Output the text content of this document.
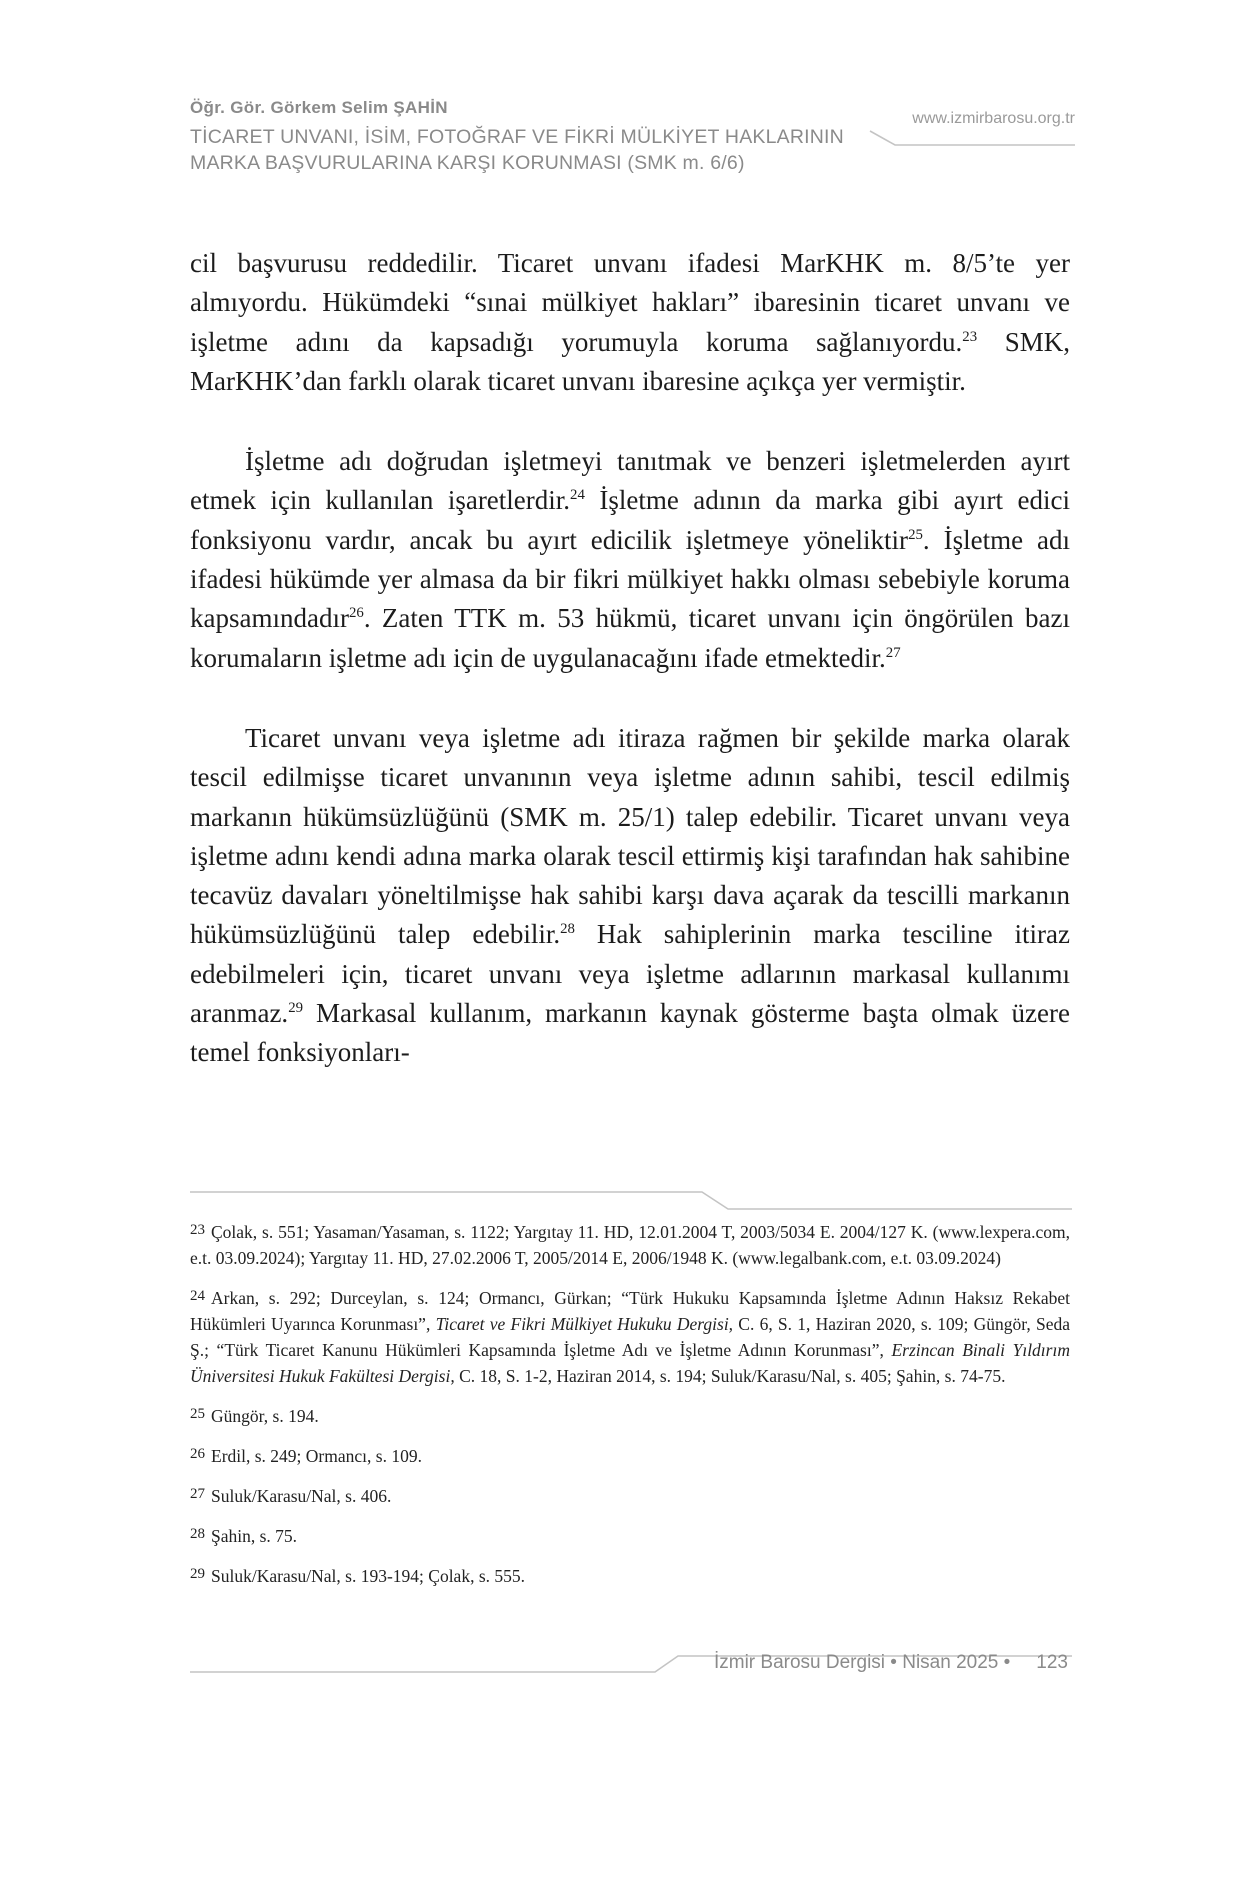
Öğr. Gör. Görkem Selim ŞAHİN
TİCARET UNVANI, İSİM, FOTOĞRAF VE FİKRİ MÜLKİYET HAKLARININ
MARKA BAŞVURULARINA KARŞI KORUNMASI (SMK m. 6/6)
www.izmirbarosu.org.tr

cil başvurusu reddedilir. Ticaret unvanı ifadesi MarKHK m. 8/5’te yer almıyordu. Hükümdeki “sınai mülkiyet hakları” ibaresinin ticaret unvanı ve işletme adını da kapsadığı yorumuyla koruma sağlanıyordu.$^{23}$ SMK, MarKHK’dan farklı olarak ticaret unvanı ibaresine açıkça yer vermiştir.

İşletme adı doğrudan işletmeyi tanıtmak ve benzeri işletmelerden ayırt etmek için kullanılan işaretlerdir.$^{24}$ İşletme adının da marka gibi ayırt edici fonksiyonu vardır, ancak bu ayırt edicilik işletmeye yöneliktir$^{25}$. İşletme adı ifadesi hükümde yer almasa da bir fikri mülkiyet hakkı olması sebebiyle koruma kapsamındadır$^{26}$. Zaten TTK m. 53 hükmü, ticaret unvanı için öngörülen bazı korumaların işletme adı için de uygulanacağını ifade etmektedir.$^{27}$

Ticaret unvanı veya işletme adı itiraza rağmen bir şekilde marka olarak tescil edilmişse ticaret unvanının veya işletme adının sahibi, tescil edilmiş markanın hükümsüzlüğünü (SMK m. 25/1) talep edebilir. Ticaret unvanı veya işletme adını kendi adına marka olarak tescil ettirmiş kişi tarafından hak sahibine tecavüz davaları yöneltilmişse hak sahibi karşı dava açarak da tescilli markanın hükümsüzlüğünü talep edebilir.$^{28}$ Hak sahiplerinin marka tesciline itiraz edebilmeleri için, ticaret unvanı veya işletme adlarının markasal kullanımı aranmaz.$^{29}$ Markasal kullanım, markanın kaynak gösterme başta olmak üzere temel fonksiyonları-

23 Çolak, s. 551; Yasaman/Yasaman, s. 1122; Yargıtay 11. HD, 12.01.2004 T, 2003/5034 E. 2004/127 K. (www.lexpera.com, e.t. 03.09.2024); Yargıtay 11. HD, 27.02.2006 T, 2005/2014 E, 2006/1948 K. (www.legalbank.com, e.t. 03.09.2024)
24 Arkan, s. 292; Durceylan, s. 124; Ormancı, Gürkan; “Türk Hukuku Kapsamında İşletme Adının Haksız Rekabet Hükümleri Uyarınca Korunması”, Ticaret ve Fikri Mülkiyet Hukuku Dergisi, C. 6, S. 1, Haziran 2020, s. 109; Güngör, Seda Ş.; “Türk Ticaret Kanunu Hükümleri Kapsamında İşletme Adı ve İşletme Adının Korunması”, Erzincan Binali Yıldırım Üniversitesi Hukuk Fakültesi Dergisi, C. 18, S. 1-2, Haziran 2014, s. 194; Suluk/Karasu/Nal, s. 405; Şahin, s. 74-75.
25 Güngör, s. 194.
26 Erdil, s. 249; Ormancı, s. 109.
27 Suluk/Karasu/Nal, s. 406.
28 Şahin, s. 75.
29 Suluk/Karasu/Nal, s. 193-194; Çolak, s. 555.
İzmir Barosu Dergisi • Nisan 2025 • 123
